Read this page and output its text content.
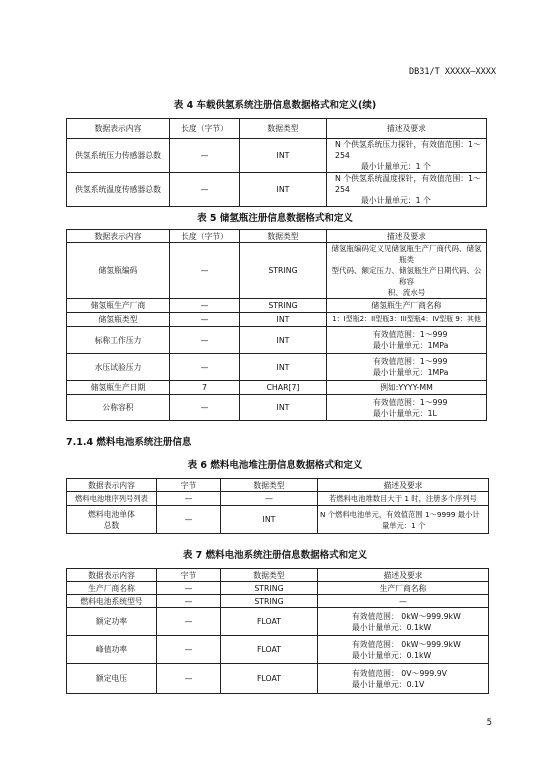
DB31/T XXXXX—XXXX
表 4 车载供氢系统注册信息数据格式和定义(续)
数据表示内容	长度（字节）	数据类型	描述及要求
供氢系统压力传感器总数	—	INT	N 个供氢系统压力探针，有效值范围：1～254
最小计量单元：1 个

供氢系统温度传感器总数	—	INT	N 个供氢系统温度探针，有效值范围：1～254
最小计量单元：1 个
表 5 储氢瓶注册信息数据格式和定义
数据表示内容	长度（字节）	数据类型	描述及要求
储氢瓶编码	—	STRING	储氢瓶编码定义见储氢瓶生产厂商代码、储氢瓶类
型代码、额定压力、储氢瓶生产日期代码、公称容
积、流水号

储氢瓶生产厂商	—	STRING	储氢瓶生产厂商名称
储氢瓶类型	—	INT	1：I型瓶2：II型瓶3：III型瓶4：IV型瓶 9：其他
标称工作压力	—	INT	有效值范围：1～999
最小计量单元：1MPa

水压试验压力	—	INT	有效值范围：1～999
最小计量单元：1MPa

储氢瓶生产日期	7	CHAR[7]	例如:YYYY-MM
公称容积	—	INT	有效值范围：1～999
最小计量单元：1L
7.1.4 燃料电池系统注册信息
表 6 燃料电池堆注册信息数据格式和定义
数据表示内容	字节	数据类型	描述及要求
燃料电池堆序列号列表	—	—	若燃料电池堆数目大于 1 时，注册多个序列号

燃料电池单体
总数	—	INT	N 个燃料电池单元，有效值范围 1～9999 最小计
量单元：1 个
表 7 燃料电池系统注册信息数据格式和定义
数据表示内容	字节	数据类型	描述及要求
生产厂商名称	—	STRING	生产厂商名称
燃料电池系统型号	—	STRING	—
额定功率	—	FLOAT	有效值范围： 0kW～999.9kW
最小计量单元：0.1kW

峰值功率	—	FLOAT	有效值范围： 0kW～999.9kW
最小计量单元：0.1kW

额定电压	—	FLOAT	有效值范围： 0V～999.9V
最小计量单元：0.1V
5
